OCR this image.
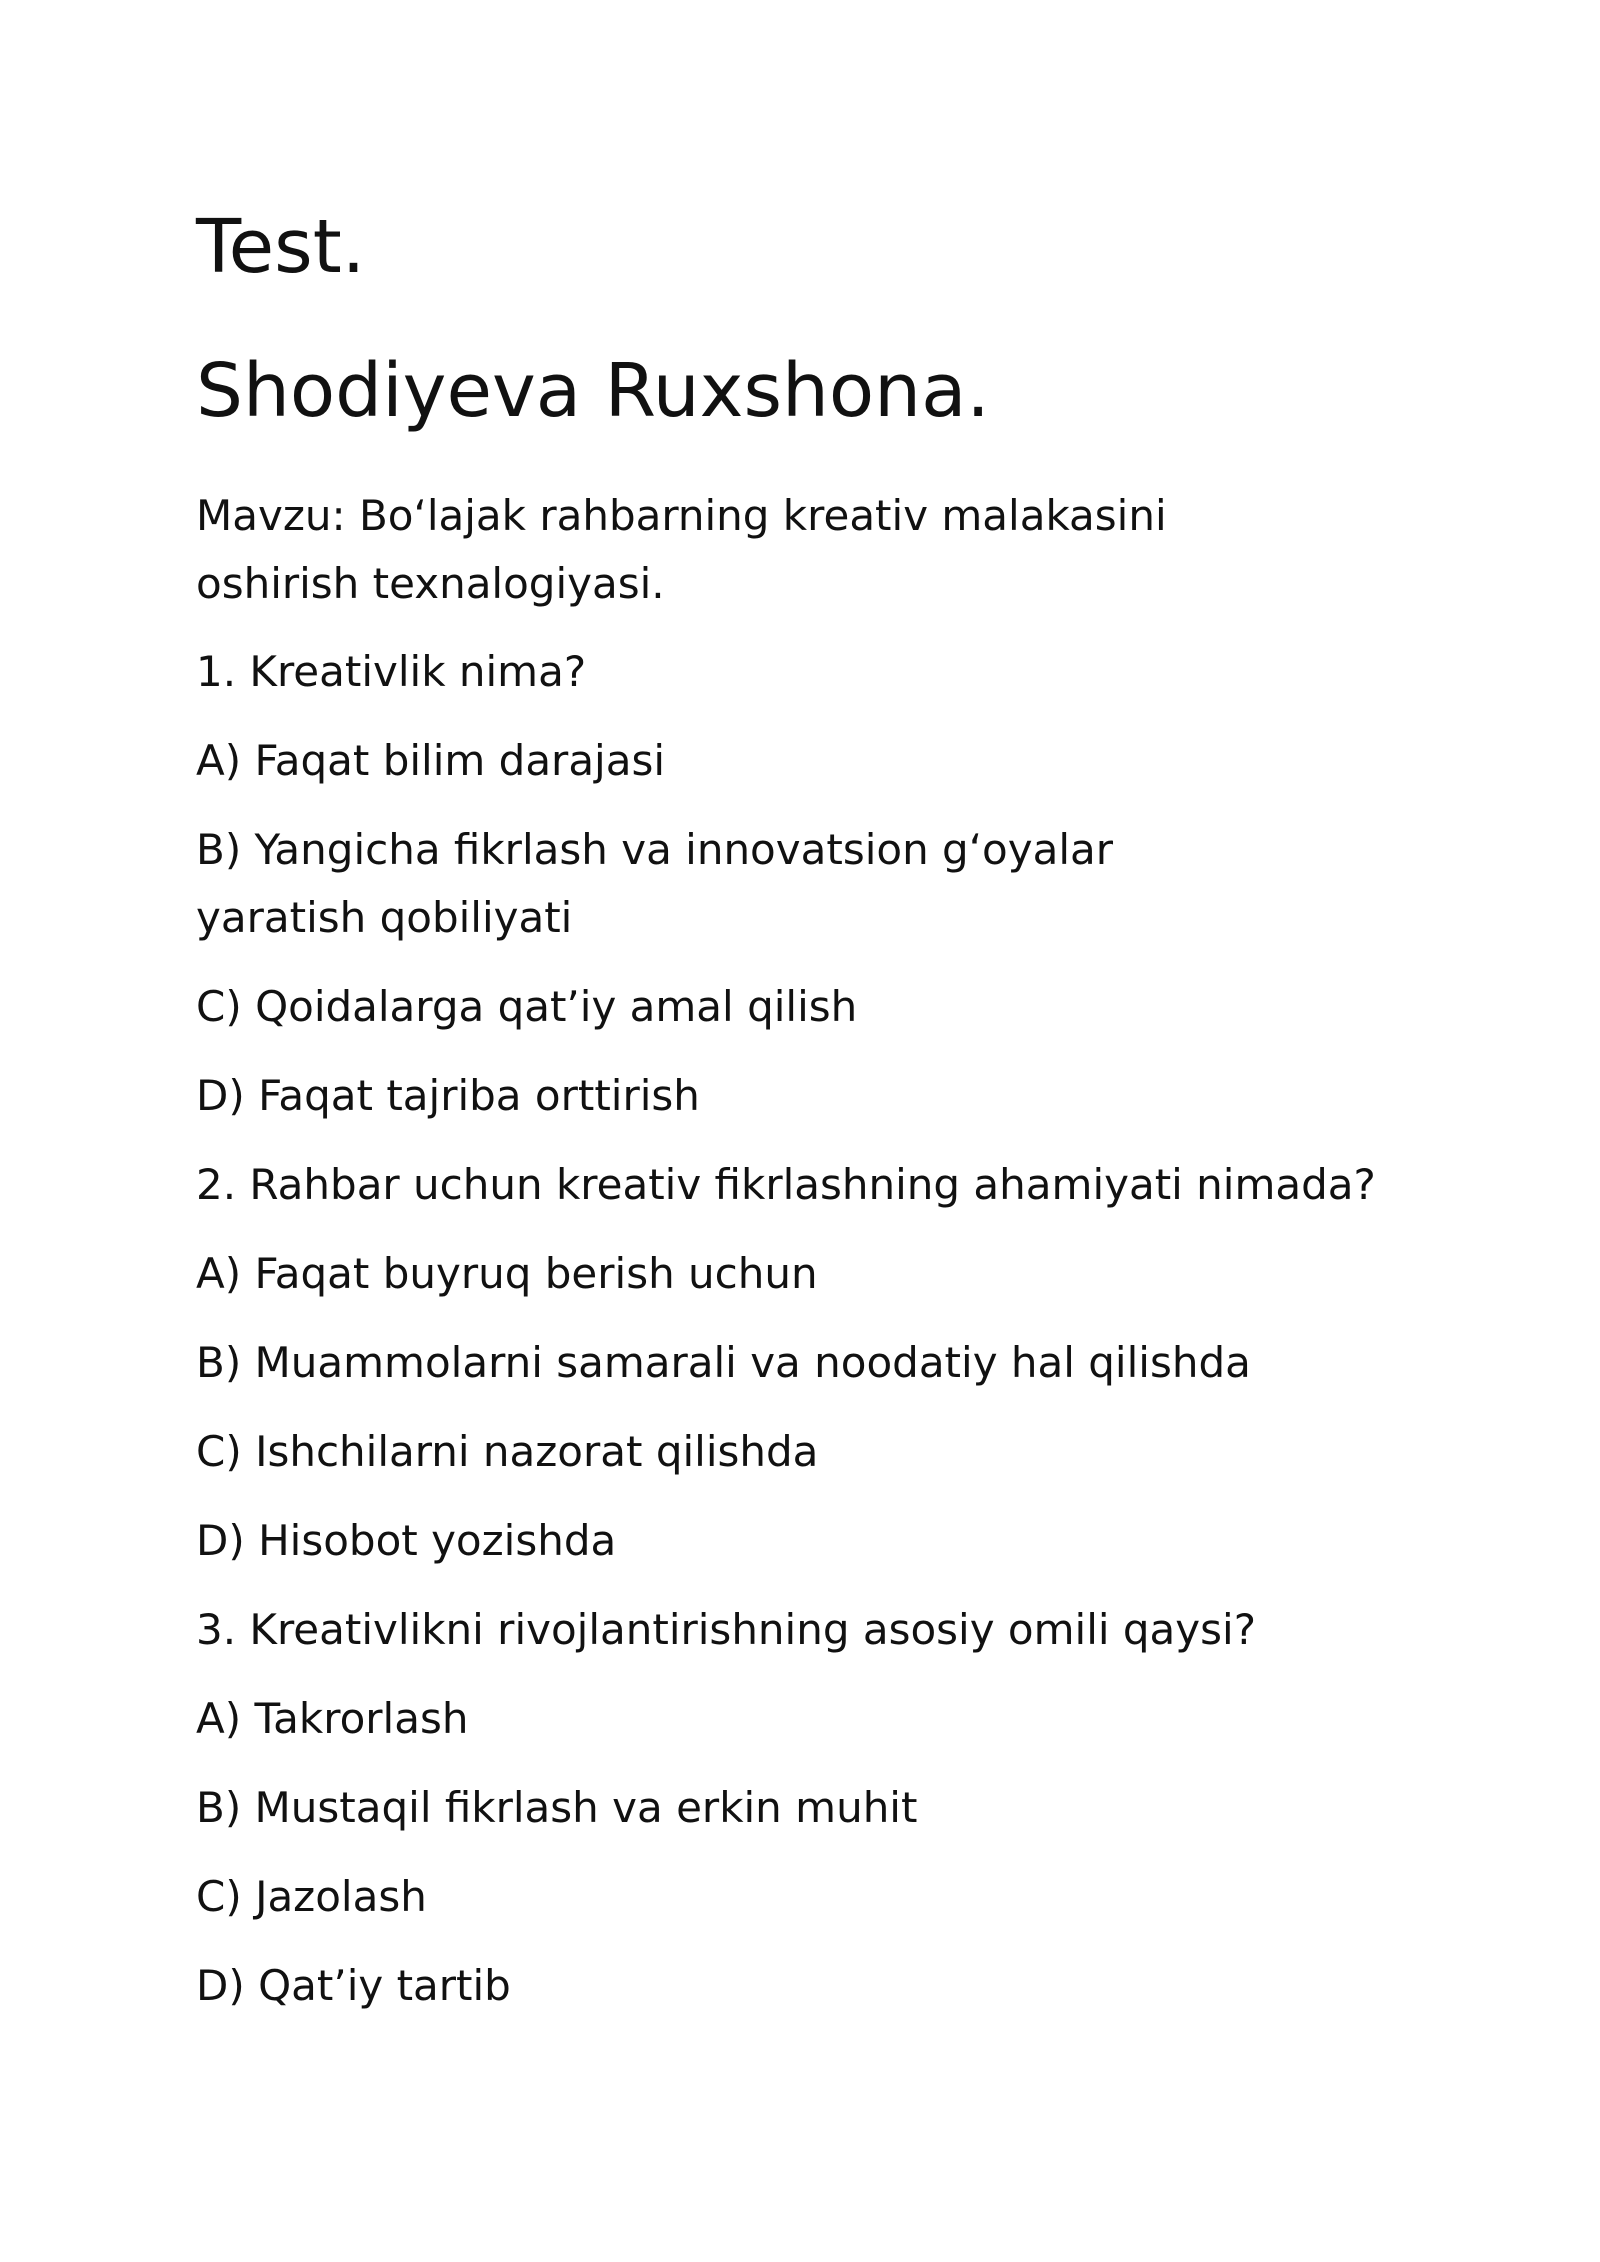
Test.
Shodiyeva Ruxshona.
Mavzu: Boʻlajak rahbarning kreativ malakasini oshirish texnalogiyasi.
1. Kreativlik nima?
A) Faqat bilim darajasi
B) Yangicha fikrlash va innovatsion gʻoyalar yaratish qobiliyati
C) Qoidalarga qatʼiy amal qilish
D) Faqat tajriba orttirish
2. Rahbar uchun kreativ fikrlashning ahamiyati nimada?
A) Faqat buyruq berish uchun
B) Muammolarni samarali va noodatiy hal qilishda
C) Ishchilarni nazorat qilishda
D) Hisobot yozishda
3. Kreativlikni rivojlantirishning asosiy omili qaysi?
A) Takrorlash
B) Mustaqil fikrlash va erkin muhit
C) Jazolash
D) Qatʼiy tartib
